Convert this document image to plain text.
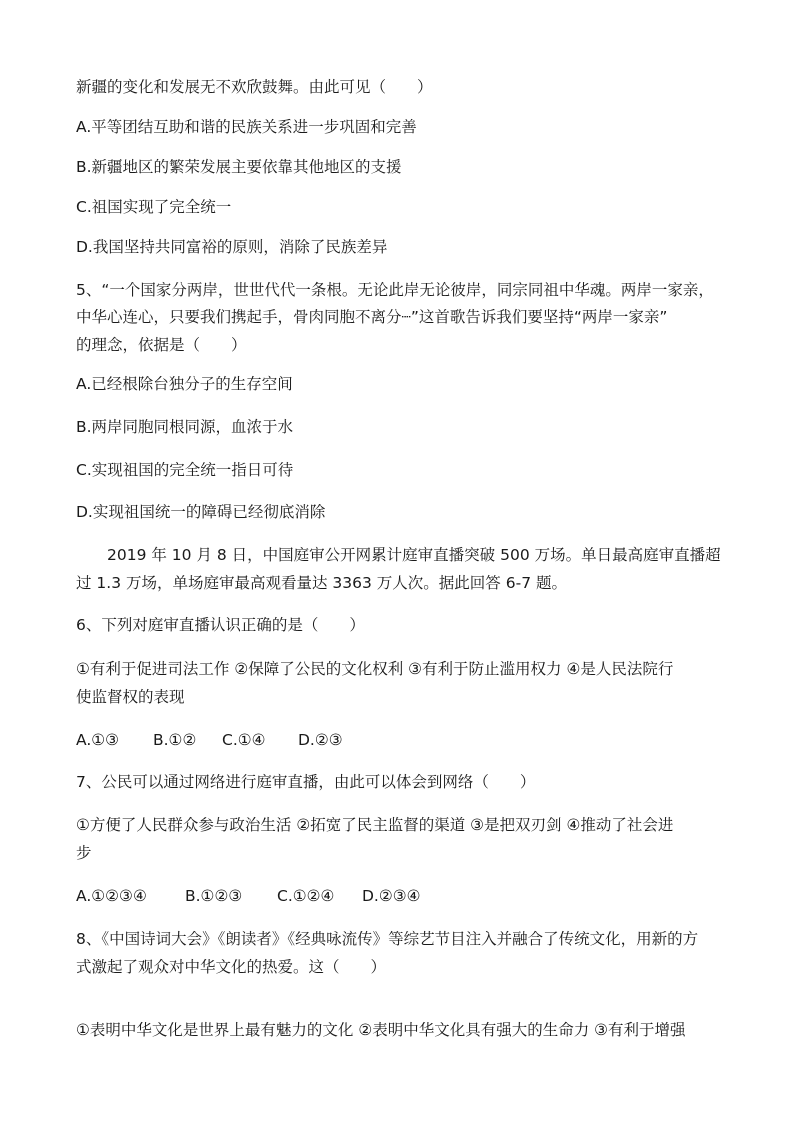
新疆的变化和发展无不欢欣鼓舞。由此可见（　　）
A.平等团结互助和谐的民族关系进一步巩固和完善
B.新疆地区的繁荣发展主要依靠其他地区的支援
C.祖国实现了完全统一
D.我国坚持共同富裕的原则，消除了民族差异
5、“一个国家分两岸，世世代代一条根。无论此岸无论彼岸，同宗同祖中华魂。两岸一家亲，
中华心连心，只要我们携起手，骨肉同胞不离分┈”这首歌告诉我们要坚持“两岸一家亲”
的理念，依据是（　　）
A.已经根除台独分子的生存空间
B.两岸同胞同根同源，血浓于水
C.实现祖国的完全统一指日可待
D.实现祖国统一的障碍已经彻底消除
2019 年 10 月 8 日，中国庭审公开网累计庭审直播突破 500 万场。单日最高庭审直播超
过 1.3 万场，单场庭审最高观看量达 3363 万人次。据此回答 6-7 题。
6、下列对庭审直播认识正确的是（　　）
①有利于促进司法工作 ②保障了公民的文化权利 ③有利于防止滥用权力 ④是人民法院行
使监督权的表现
A.①③ B.①② C.①④ D.②③
7、公民可以通过网络进行庭审直播，由此可以体会到网络（　　）
①方便了人民群众参与政治生活 ②拓宽了民主监督的渠道 ③是把双刃剑 ④推动了社会进
步
A.①②③④ B.①②③ C.①②④ D.②③④
8、《中国诗词大会》《朗读者》《经典咏流传》等综艺节目注入并融合了传统文化，用新的方
式激起了观众对中华文化的热爱。这（　　）
①表明中华文化是世界上最有魅力的文化 ②表明中华文化具有强大的生命力 ③有利于增强
